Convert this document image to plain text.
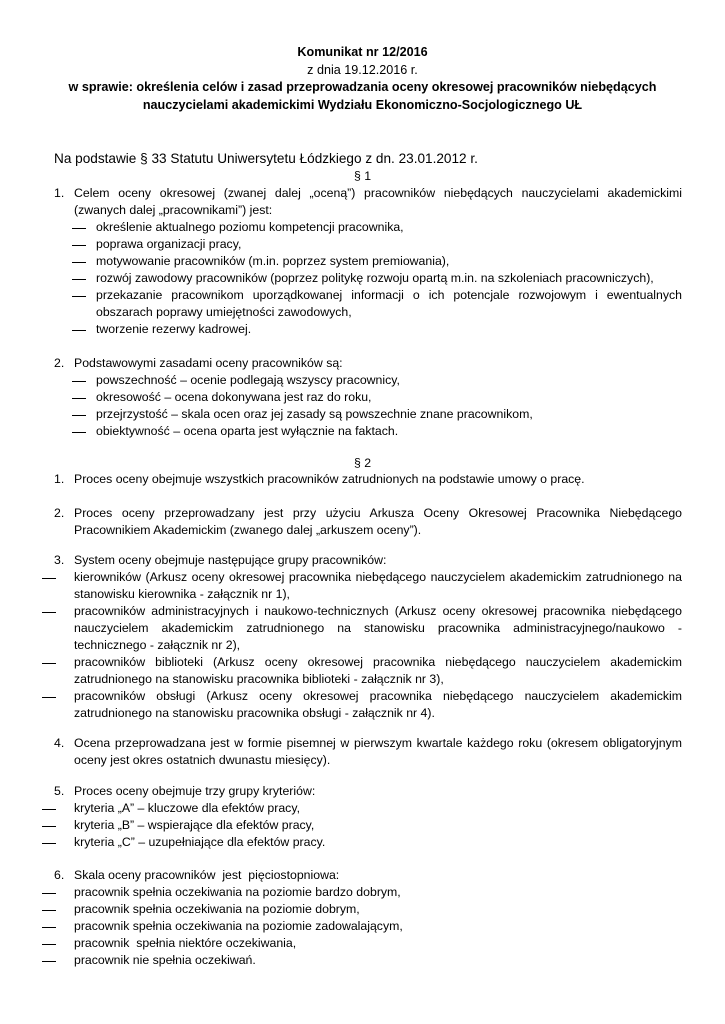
Komunikat nr 12/2016
z dnia 19.12.2016 r.
w sprawie: określenia celów i zasad przeprowadzania oceny okresowej pracowników niebędących
nauczycielami akademickimi Wydziału Ekonomiczno-Socjologicznego UŁ
Na podstawie § 33 Statutu Uniwersytetu Łódzkiego z dn. 23.01.2012 r.
§ 1
1. Celem oceny okresowej (zwanej dalej „oceną”) pracowników niebędących nauczycielami akademickimi (zwanych dalej „pracownikami”) jest:
określenie aktualnego poziomu kompetencji pracownika,
poprawa organizacji pracy,
motywowanie pracowników (m.in. poprzez system premiowania),
rozwój zawodowy pracowników (poprzez politykę rozwoju opartą m.in. na szkoleniach pracowniczych),
przekazanie pracownikom uporządkowanej informacji o ich potencjale rozwojowym i ewentualnych obszarach poprawy umiejętności zawodowych,
tworzenie rezerwy kadrowej.
2. Podstawowymi zasadami oceny pracowników są:
powszechność – ocenie podlegają wszyscy pracownicy,
okresowość – ocena dokonywana jest raz do roku,
przejrzystość – skala ocen oraz jej zasady są powszechnie znane pracownikom,
obiektywność – ocena oparta jest wyłącznie na faktach.
§ 2
1. Proces oceny obejmuje wszystkich pracowników zatrudnionych na podstawie umowy o pracę.
2. Proces oceny przeprowadzany jest przy użyciu Arkusza Oceny Okresowej Pracownika Niebędącego Pracownikiem Akademickim (zwanego dalej „arkuszem oceny”).
3. System oceny obejmuje następujące grupy pracowników:
kierowników (Arkusz oceny okresowej pracownika niebędącego nauczycielem akademickim zatrudnionego na stanowisku kierownika - załącznik nr 1),
pracowników administracyjnych i naukowo-technicznych (Arkusz oceny okresowej pracownika niebędącego nauczycielem akademickim zatrudnionego na stanowisku pracownika administracyjnego/naukowo - technicznego - załącznik nr 2),
pracowników biblioteki (Arkusz oceny okresowej pracownika niebędącego nauczycielem akademickim zatrudnionego na stanowisku pracownika biblioteki - załącznik nr 3),
pracowników obsługi (Arkusz oceny okresowej pracownika niebędącego nauczycielem akademickim zatrudnionego na stanowisku pracownika obsługi - załącznik nr 4).
4. Ocena przeprowadzana jest w formie pisemnej w pierwszym kwartale każdego roku (okresem obligatoryjnym oceny jest okres ostatnich dwunastu miesięcy).
5. Proces oceny obejmuje trzy grupy kryteriów:
kryteria „A” – kluczowe dla efektów pracy,
kryteria „B” – wspierające dla efektów pracy,
kryteria „C” – uzupełniające dla efektów pracy.
6. Skala oceny pracowników  jest  pięciostopniowa:
pracownik spełnia oczekiwania na poziomie bardzo dobrym,
pracownik spełnia oczekiwania na poziomie dobrym,
pracownik spełnia oczekiwania na poziomie zadowalającym,
pracownik  spełnia niektóre oczekiwania,
pracownik nie spełnia oczekiwań.
